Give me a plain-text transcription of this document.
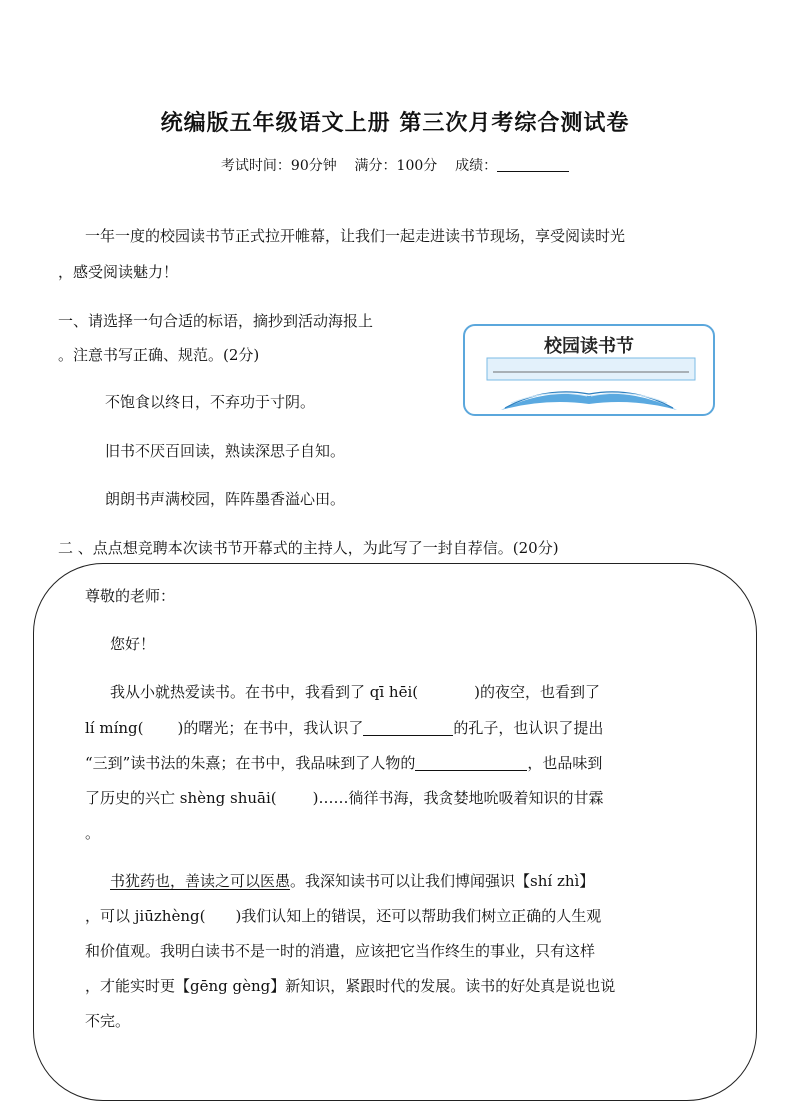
统编版五年级语文上册 第三次月考综合测试卷
考试时间：90分钟 满分：100分 成绩：
一年一度的校园读书节正式拉开帷幕，让我们一起走进读书节现场，享受阅读时光
，感受阅读魅力！
一、请选择一句合适的标语，摘抄到活动海报上
。注意书写正确、规范。(2分)
不饱食以终日，不弃功于寸阴。
旧书不厌百回读，熟读深思子自知。
朗朗书声满校园，阵阵墨香溢心田。
校园读书节
二 、点点想竞聘本次读书节开幕式的主持人，为此写了一封自荐信。(20分)
尊敬的老师：
您好！
我从小就热爱读书。在书中，我看到了 qī hēi(	)的夜空，也看到了
lí míng( )的曙光；在书中，我认识了	的孔子，也认识了提出
“三到”读书法的朱熹；在书中，我品味到了人物的	，也品味到
了历史的兴亡 shèng shuāi( )……徜徉书海，我贪婪地吮吸着知识的甘霖
。
书犹药也，善读之可以医愚。我深知读书可以让我们博闻强识【shí zhì】
，可以 jiūzhèng( )我们认知上的错误，还可以帮助我们树立正确的人生观
和价值观。我明白读书不是一时的消遣，应该把它当作终生的事业，只有这样
，才能实时更【gēng gèng】新知识，紧跟时代的发展。读书的好处真是说也说
不完。
